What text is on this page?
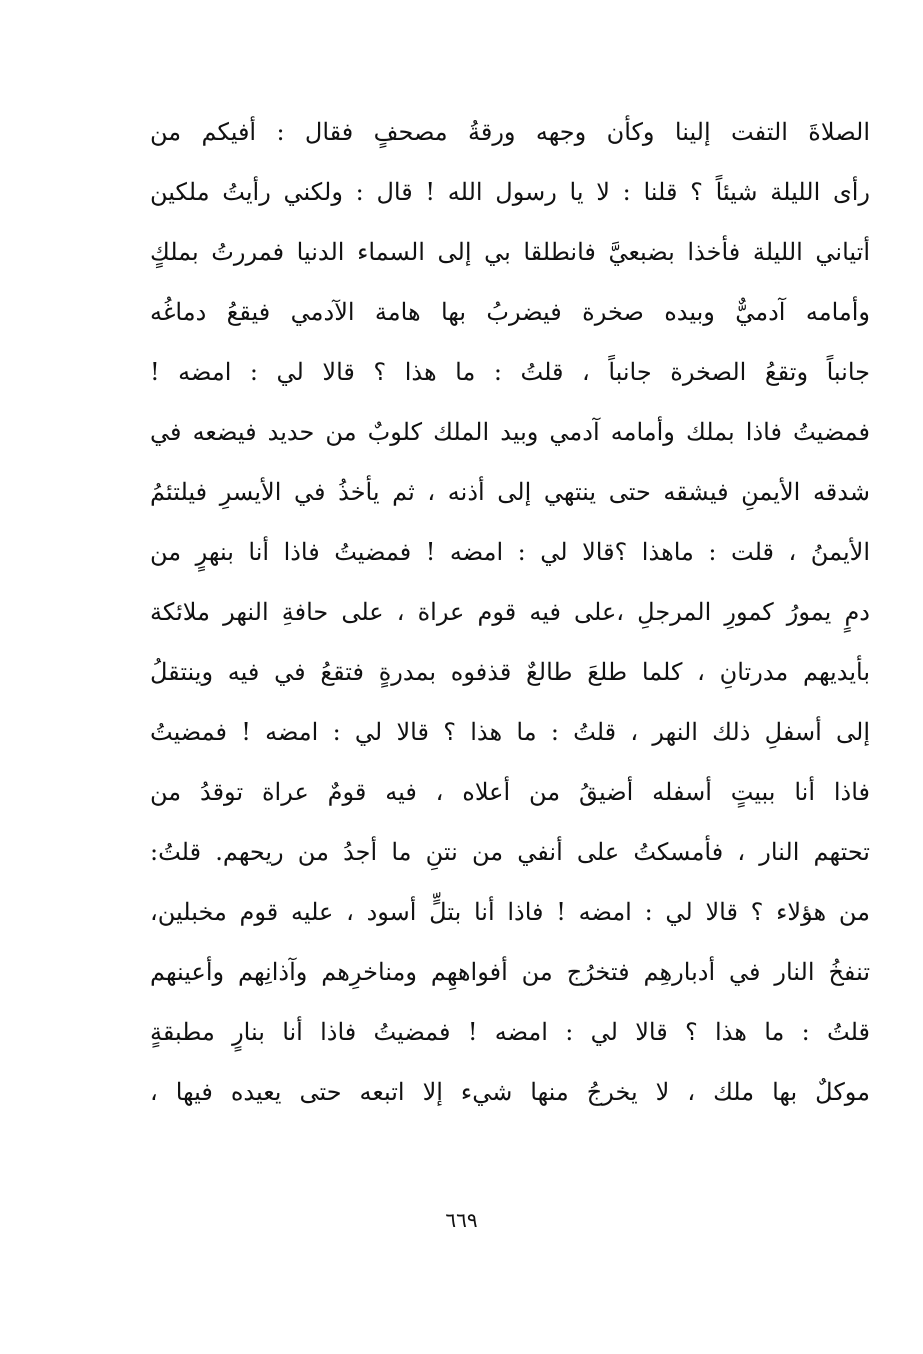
الصلاةَ التفت إلينا وكأن وجهه ورقةُ مصحفٍ فقال : أفيكم من
رأى الليلة شيئاً ؟ قلنا : لا يا رسول الله ! قال : ولكني رأيتُ ملكين
أتياني الليلة فأخذا بضبعيَّ فانطلقا بي إلى السماء الدنيا فمررتُ بملكٍ
وأمامه آدميٌّ وبيده صخرة فيضربُ بها هامة الآدمي فيقعُ دماغُه
جانباً وتقعُ الصخرة جانباً ، قلتُ : ما هذا ؟ قالا لي : امضه !
فمضيتُ فاذا بملك وأمامه آدمي وبيد الملك كلوبٌ من حديد فيضعه في
شدقه الأيمنِ فيشقه حتى ينتهي إلى أذنه ، ثم يأخذُ في الأيسرِ فيلتئمُ
الأيمنُ ، قلت : ماهذا ؟قالا لي : امضه ! فمضيتُ فاذا أنا بنهرٍ من
دمٍ يمورُ كمورِ المرجلِ ،على فيه قوم عراة ، على حافةِ النهر ملائكة
بأيديهم مدرتانِ ، كلما طلعَ طالعٌ قذفوه بمدرةٍ فتقعُ في فيه وينتقلُ
إلى أسفلِ ذلك النهر ، قلتُ : ما هذا ؟ قالا لي : امضه ! فمضيتُ
فاذا أنا ببيتٍ أسفله أضيقُ من أعلاه ، فيه قومٌ عراة توقدُ من
تحتهم النار ، فأمسكتُ على أنفي من نتنِ ما أجدُ من ريحهم. قلتُ:
من هؤلاء ؟ قالا لي : امضه ! فاذا أنا بتلٍّ أسود ، عليه قوم مخبلين،
تنفخُ النار في أدبارهِم فتخرُج من أفواههِم ومناخرِهم وآذانِهم وأعينهم
قلتُ : ما هذا ؟ قالا لي : امضه ! فمضيتُ فاذا أنا بنارٍ مطبقةٍ
موكلٌ بها ملك ، لا يخرجُ منها شيء إلا اتبعه حتى يعيده فيها ،
٦٦٩
